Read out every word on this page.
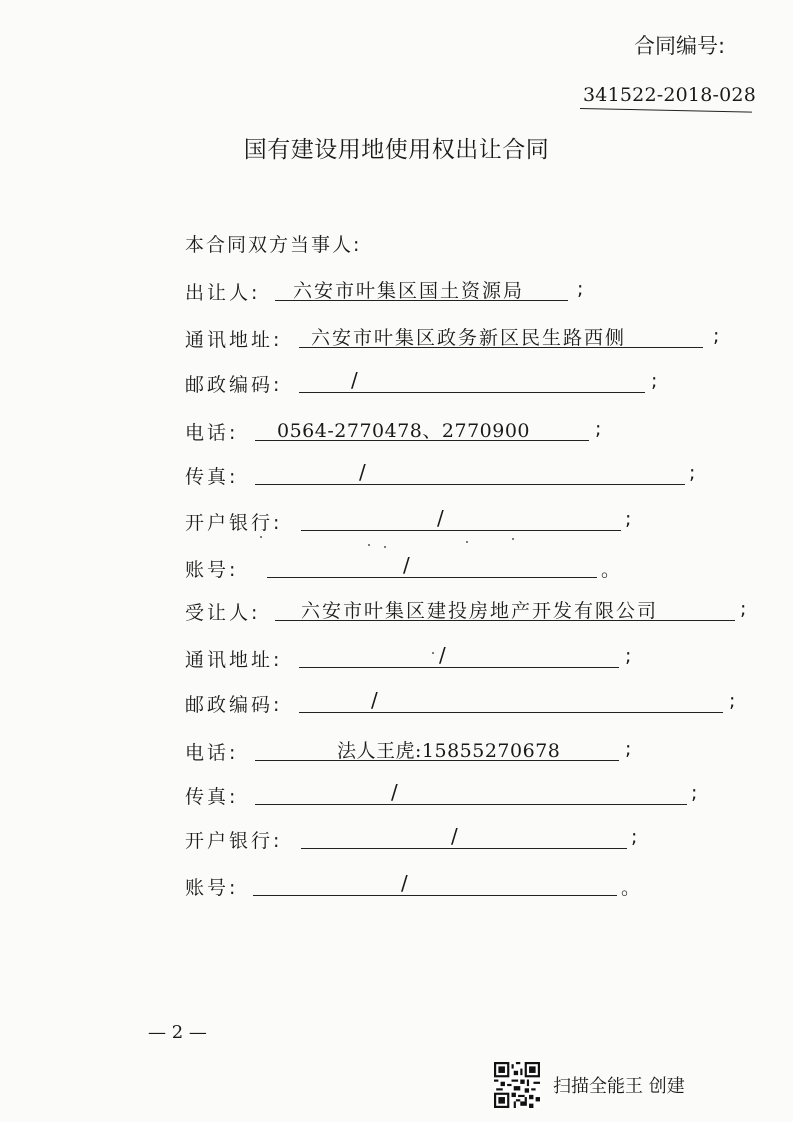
合同编号:
341522-2018-028
国有建设用地使用权出让合同
本合同双方当事人:
出让人: 六安市叶集区国土资源局	;
通讯地址: 六安市叶集区政务新区民生路西侧	;
邮政编码:	/	;
电话: 0564-2770478、2770900	;
传真:	/	;
开户银行:	/	;
账号:	/	。
受让人: 六安市叶集区建投房地产开发有限公司	;
通讯地址:	/	;
邮政编码:	/	;
电话:	法人王虎:15855270678	;
传真:	/	;
开户银行:	/	;
账号:	/	。
— 2 —
扫描全能王 创建
